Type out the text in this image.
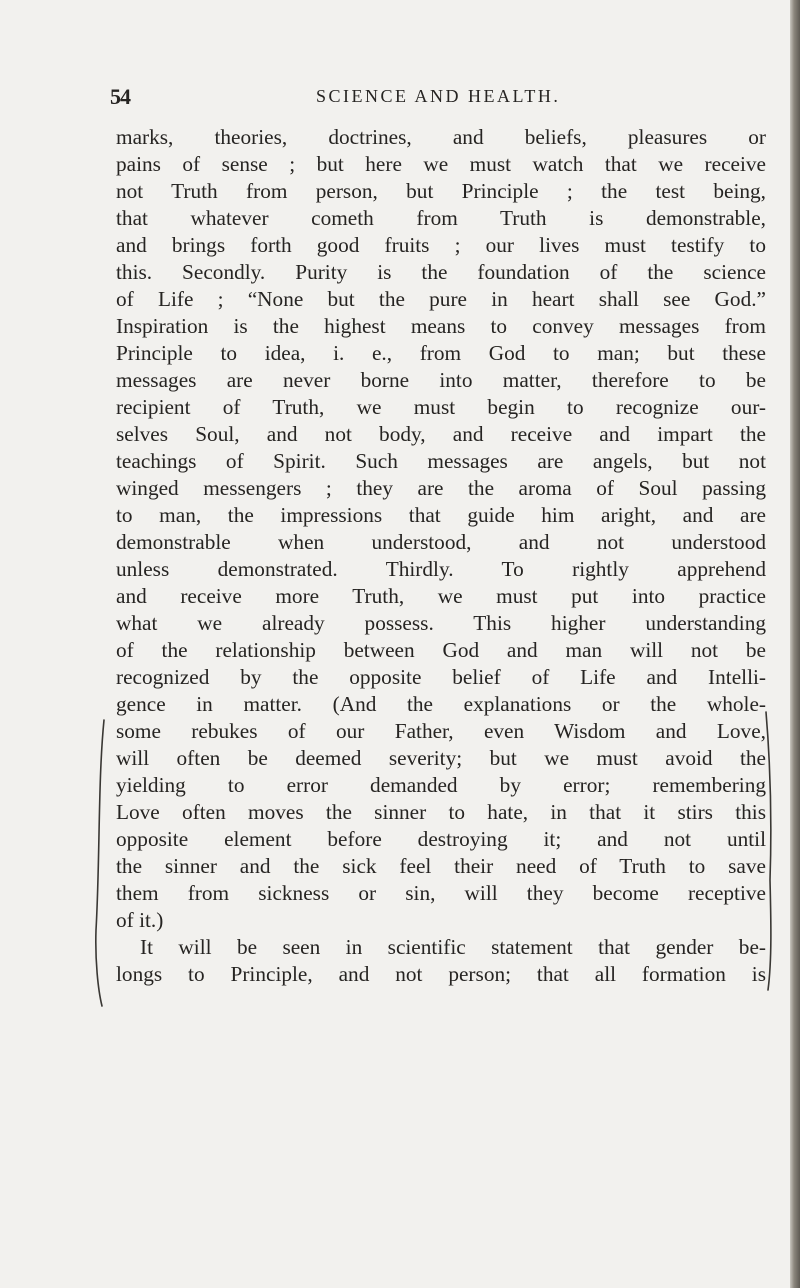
54	SCIENCE AND HEALTH.
marks, theories, doctrines, and beliefs, pleasures or
pains of sense ; but here we must watch that we receive
not Truth from person, but Principle ; the test being,
that whatever cometh from Truth is demonstrable,
and brings forth good fruits ; our lives must testify to
this. Secondly. Purity is the foundation of the science
of Life ; “None but the pure in heart shall see God.”
Inspiration is the highest means to convey messages from
Principle to idea, i. e., from God to man; but these
messages are never borne into matter, therefore to be
recipient of Truth, we must begin to recognize our-
selves Soul, and not body, and receive and impart the
teachings of Spirit. Such messages are angels, but not
winged messengers ; they are the aroma of Soul passing
to man, the impressions that guide him aright, and are
demonstrable when understood, and not understood
unless demonstrated. Thirdly. To rightly apprehend
and receive more Truth, we must put into practice
what we already possess. This higher understanding
of the relationship between God and man will not be
recognized by the opposite belief of Life and Intelli-
gence in matter. (And the explanations or the whole-
some rebukes of our Father, even Wisdom and Love,
will often be deemed severity; but we must avoid the
yielding to error demanded by error; remembering
Love often moves the sinner to hate, in that it stirs this
opposite element before destroying it; and not until
the sinner and the sick feel their need of Truth to save
them from sickness or sin, will they become receptive
of it.)
It will be seen in scientific statement that gender be-
longs to Principle, and not person; that all formation is
